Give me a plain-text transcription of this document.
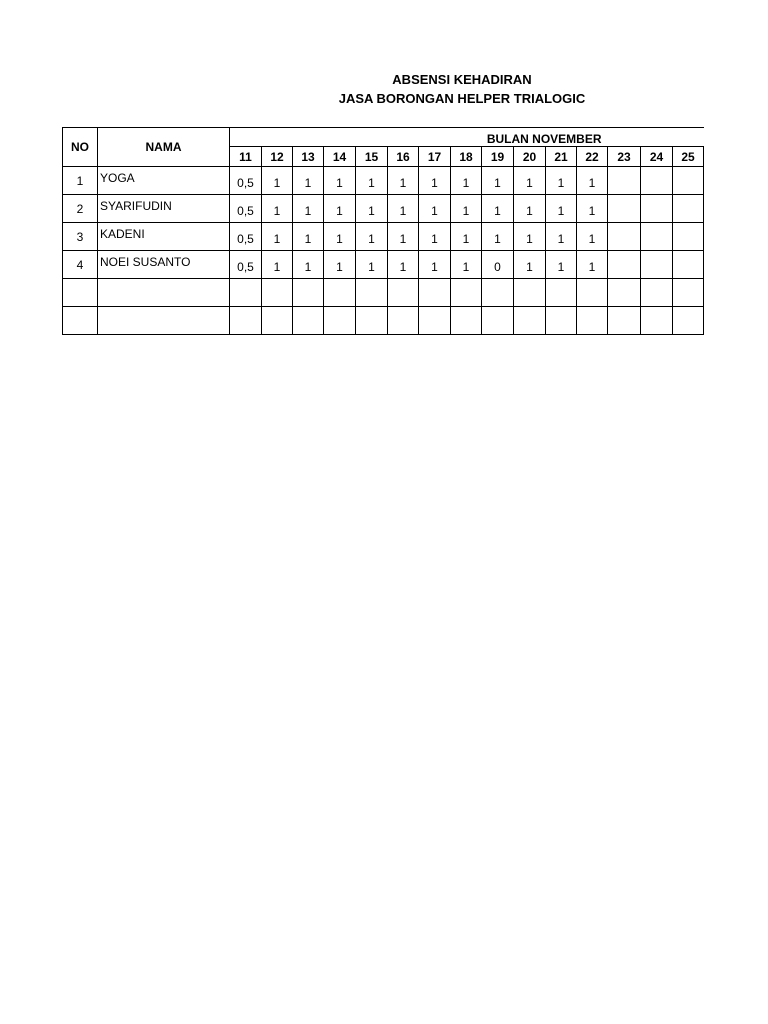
ABSENSI KEHADIRAN
JASA BORONGAN HELPER TRIALOGIC
NO	NAMA	BULAN NOVEMBER														
		11	12	13	14	15	16	17	18	19	20	21	22	23	24	25
1	YOGA	0,5	1	1	1	1	1	1	1	1	1	1	1			
2	SYARIFUDIN	0,5	1	1	1	1	1	1	1	1	1	1	1			
3	KADENI	0,5	1	1	1	1	1	1	1	1	1	1	1			
4	NOEI SUSANTO	0,5	1	1	1	1	1	1	1	0	1	1	1			
